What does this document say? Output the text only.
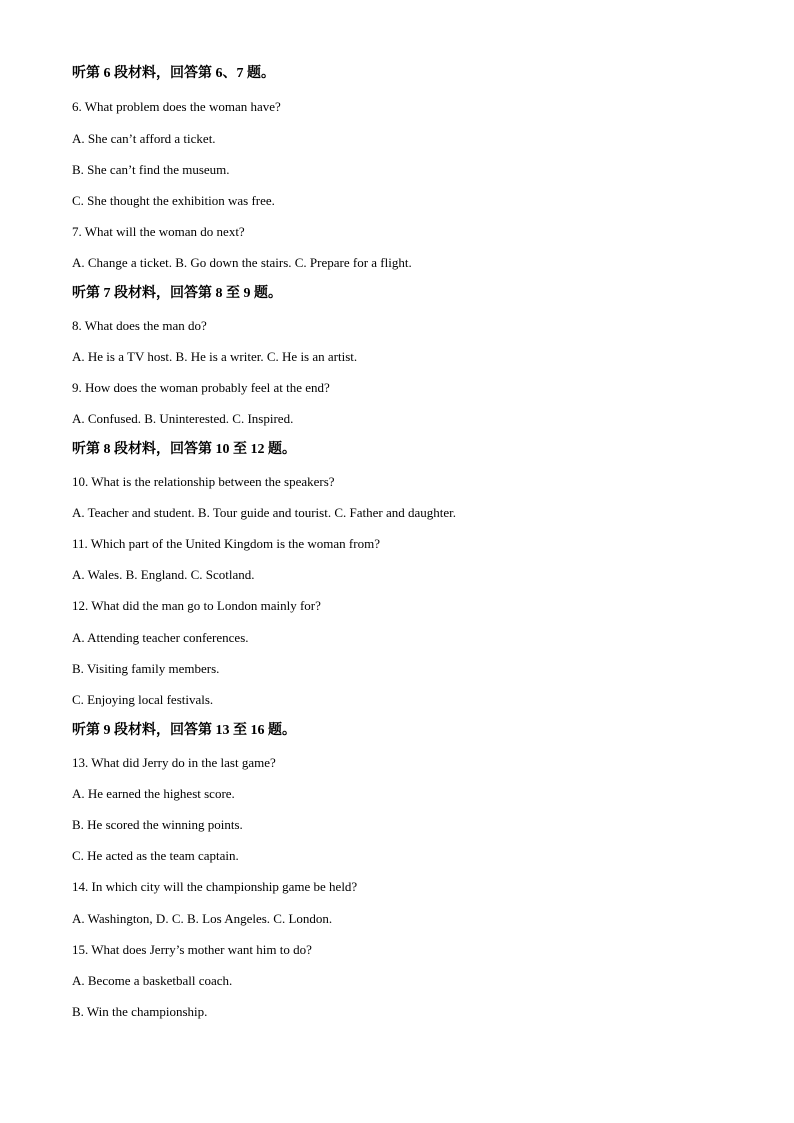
听第 6 段材料，回答第 6、7 题。
6. What problem does the woman have?
A. She can’t afford a ticket.
B. She can’t find the museum.
C. She thought the exhibition was free.
7. What will the woman do next?
A. Change a ticket. B. Go down the stairs. C. Prepare for a flight.
听第 7 段材料，回答第 8 至 9 题。
8. What does the man do?
A. He is a TV host. B. He is a writer. C. He is an artist.
9. How does the woman probably feel at the end?
A. Confused. B. Uninterested. C. Inspired.
听第 8 段材料，回答第 10 至 12 题。
10. What is the relationship between the speakers?
A. Teacher and student. B. Tour guide and tourist. C. Father and daughter.
11. Which part of the United Kingdom is the woman from?
A. Wales. B. England. C. Scotland.
12. What did the man go to London mainly for?
A. Attending teacher conferences.
B. Visiting family members.
C. Enjoying local festivals.
听第 9 段材料，回答第 13 至 16 题。
13. What did Jerry do in the last game?
A. He earned the highest score.
B. He scored the winning points.
C. He acted as the team captain.
14. In which city will the championship game be held?
A. Washington, D. C. B. Los Angeles. C. London.
15. What does Jerry’s mother want him to do?
A. Become a basketball coach.
B. Win the championship.
